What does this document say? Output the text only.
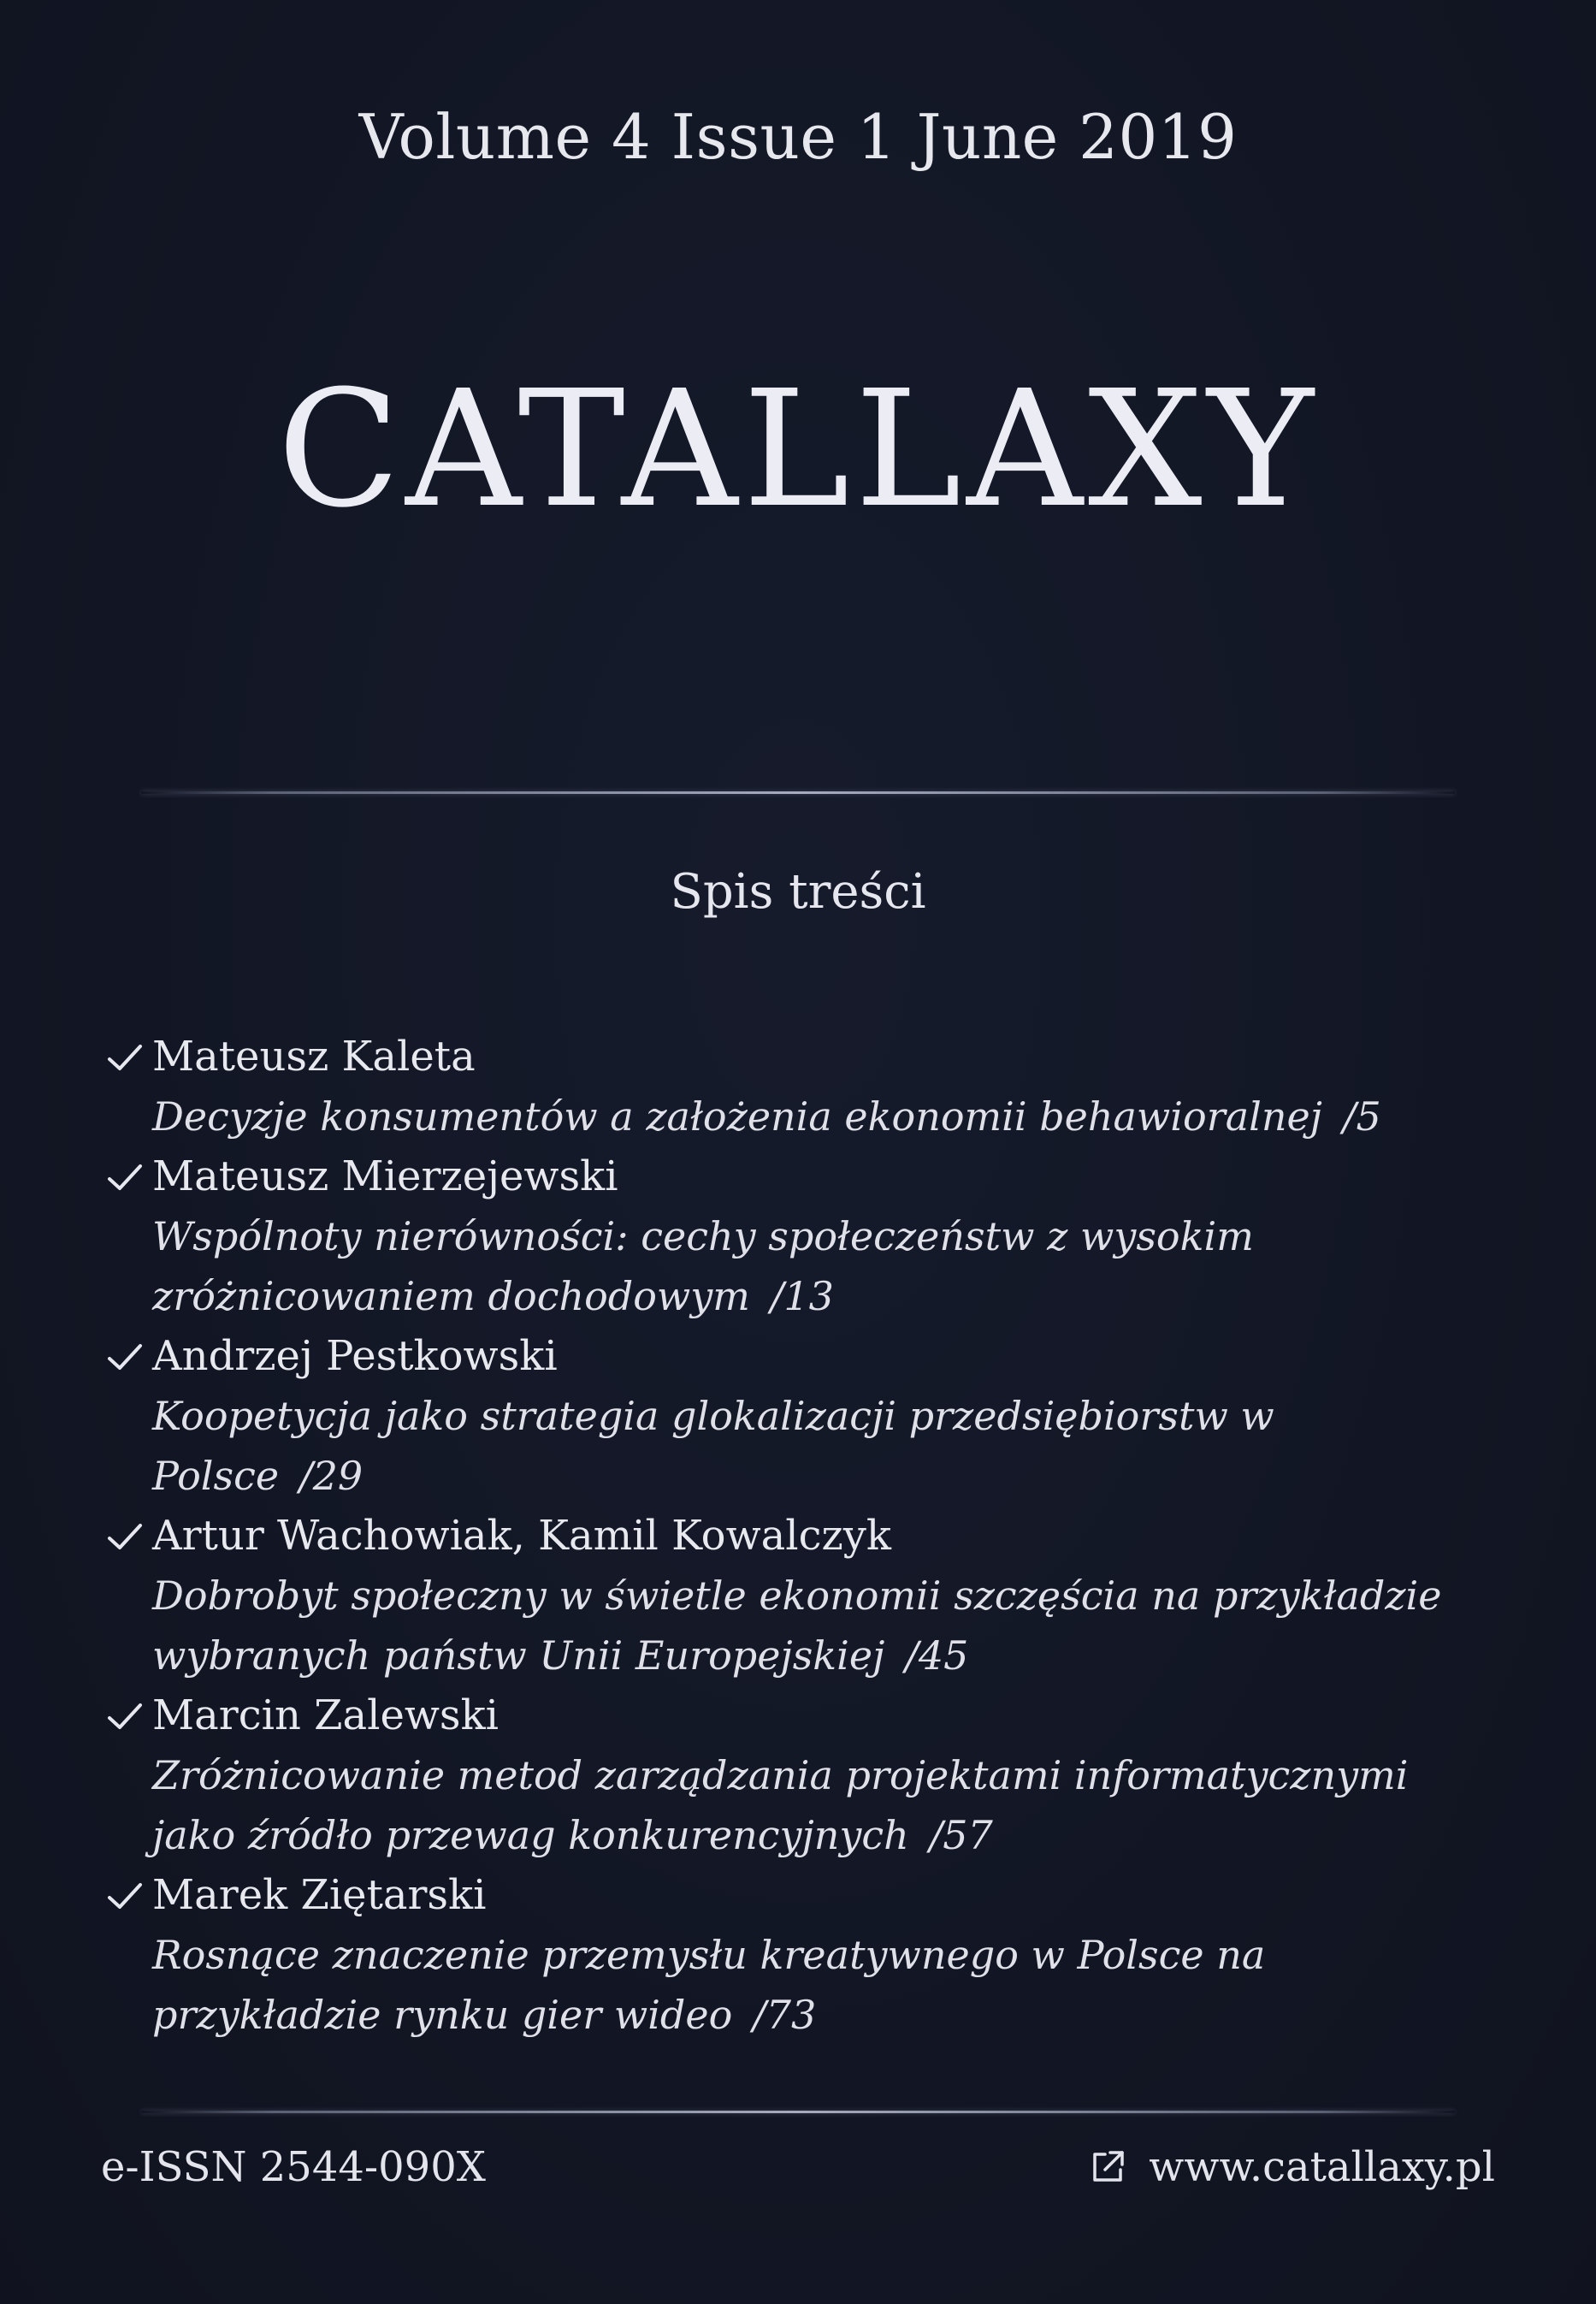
Volume 4 Issue 1 June 2019
CATALLAXY
Spis treści
Mateusz Kaleta
Decyzje konsumentów a założenia ekonomii behawioralnej /5
Mateusz Mierzejewski
Wspólnoty nierówności: cechy społeczeństw z wysokim zróżnicowaniem dochodowym /13
Andrzej Pestkowski
Koopetycja jako strategia glokalizacji przedsiębiorstw w Polsce /29
Artur Wachowiak, Kamil Kowalczyk
Dobrobyt społeczny w świetle ekonomii szczęścia na przykładzie wybranych państw Unii Europejskiej /45
Marcin Zalewski
Zróżnicowanie metod zarządzania projektami informatycznymi jako źródło przewag konkurencyjnych /57
Marek Ziętarski
Rosnące znaczenie przemysłu kreatywnego w Polsce na przykładzie rynku gier wideo /73
e-ISSN 2544-090X	www.catallaxy.pl
